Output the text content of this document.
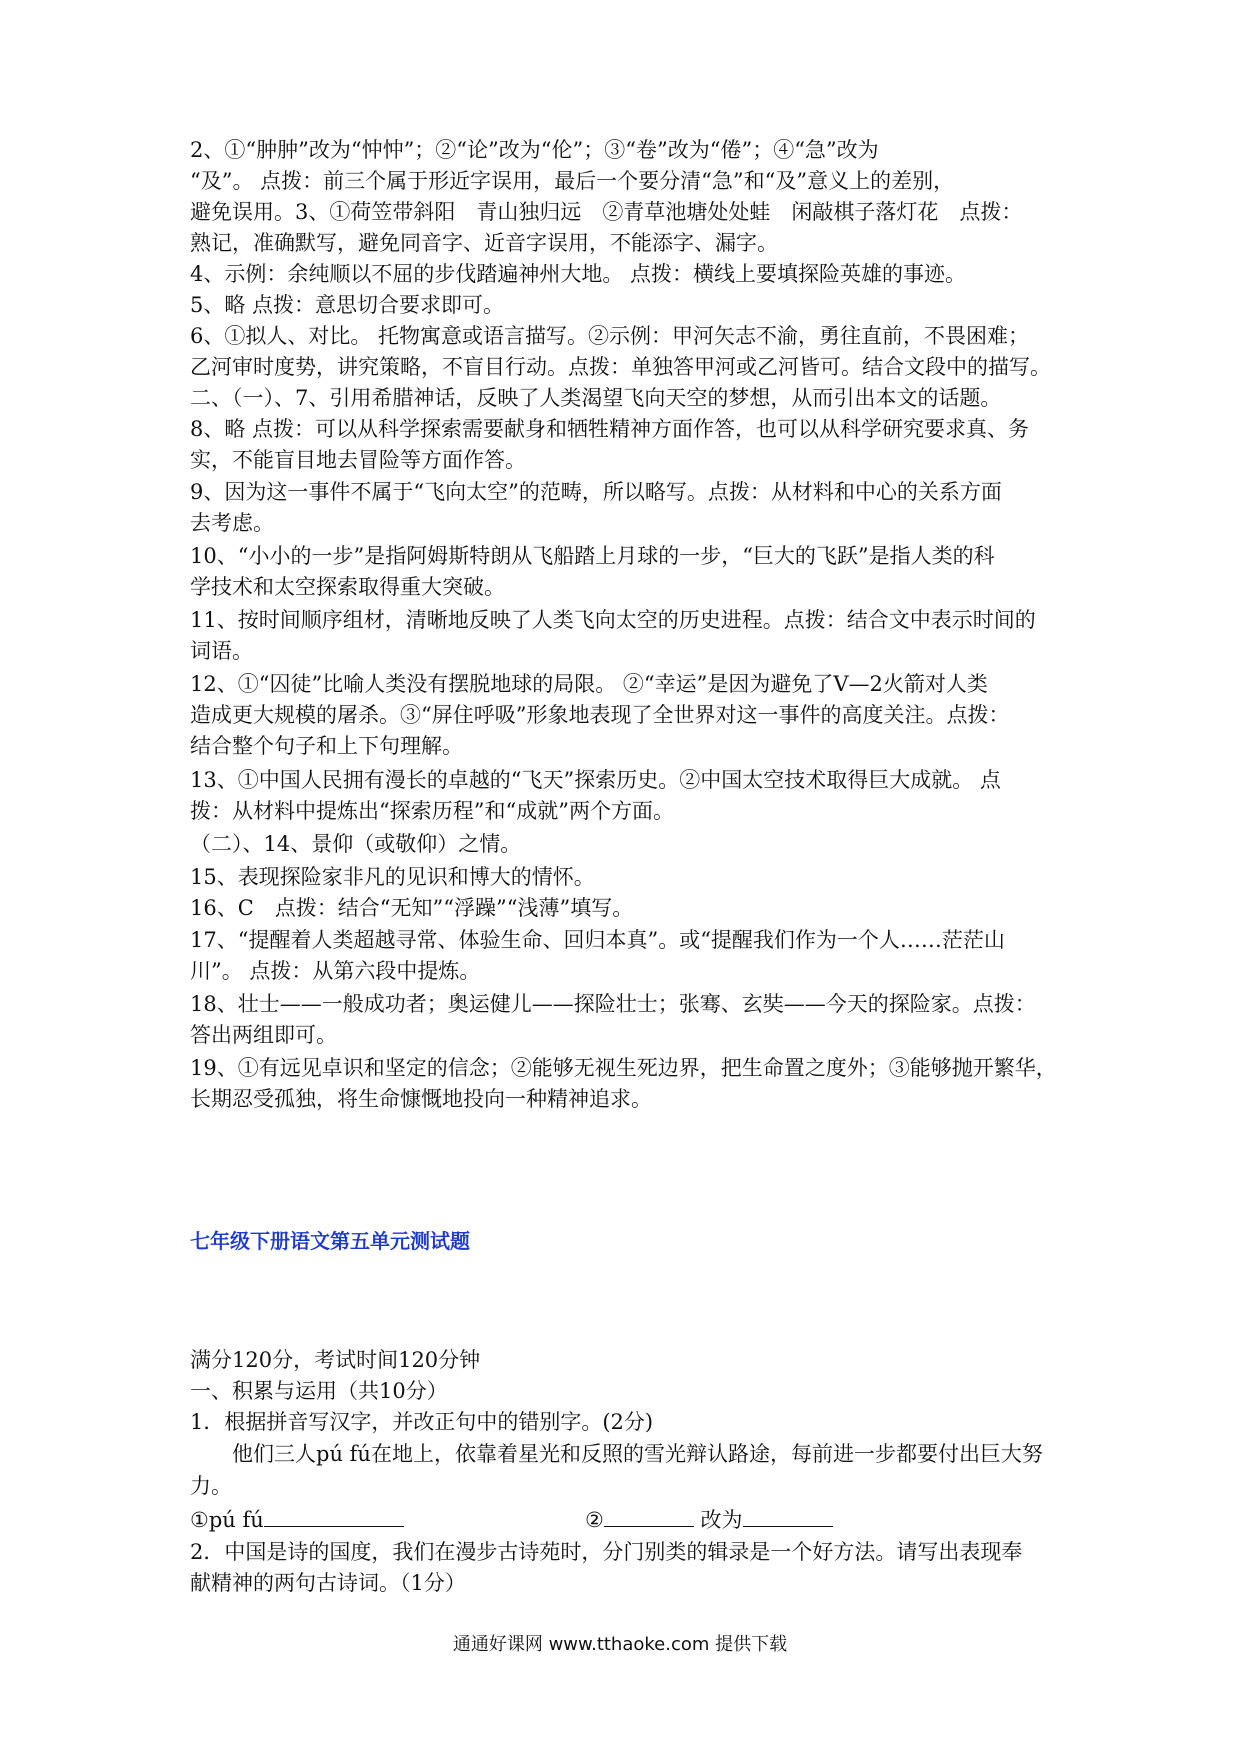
2、①“肿肿”改为“忡忡”；②“论”改为“伦”；③“卷”改为“倦”；④“急”改为
“及”。 点拨：前三个属于形近字误用，最后一个要分清“急”和“及”意义上的差别，
避免误用。3、①荷笠带斜阳　青山独归远　②青草池塘处处蛙　闲敲棋子落灯花　点拨：
熟记，准确默写，避免同音字、近音字误用，不能添字、漏字。
4、示例：余纯顺以不屈的步伐踏遍神州大地。 点拨：横线上要填探险英雄的事迹。
5、略 点拨：意思切合要求即可。
6、①拟人、对比。 托物寓意或语言描写。②示例：甲河矢志不渝，勇往直前，不畏困难；
乙河审时度势，讲究策略，不盲目行动。点拨：单独答甲河或乙河皆可。结合文段中的描写。
二、（一）、7、引用希腊神话，反映了人类渴望飞向天空的梦想，从而引出本文的话题。
8、略 点拨：可以从科学探索需要献身和牺牲精神方面作答，也可以从科学研究要求真、务
实，不能盲目地去冒险等方面作答。
9、因为这一事件不属于“飞向太空”的范畴，所以略写。点拨：从材料和中心的关系方面
去考虑。
10、“小小的一步”是指阿姆斯特朗从飞船踏上月球的一步，“巨大的飞跃”是指人类的科
学技术和太空探索取得重大突破。
11、按时间顺序组材，清晰地反映了人类飞向太空的历史进程。点拨：结合文中表示时间的
词语。
12、①“囚徒”比喻人类没有摆脱地球的局限。 ②“幸运”是因为避免了V—2火箭对人类
造成更大规模的屠杀。③“屏住呼吸”形象地表现了全世界对这一事件的高度关注。点拨：
结合整个句子和上下句理解。
13、①中国人民拥有漫长的卓越的“飞天”探索历史。②中国太空技术取得巨大成就。 点
拨：从材料中提炼出“探索历程”和“成就”两个方面。
（二）、14、景仰（或敬仰）之情。
15、表现探险家非凡的见识和博大的情怀。
16、C　点拨：结合“无知”“浮躁”“浅薄”填写。
17、“提醒着人类超越寻常、体验生命、回归本真”。或“提醒我们作为一个人……茫茫山
川”。 点拨：从第六段中提炼。
18、壮士——一般成功者；奥运健儿——探险壮士；张骞、玄奘——今天的探险家。点拨：
答出两组即可。
19、①有远见卓识和坚定的信念；②能够无视生死边界，把生命置之度外；③能够抛开繁华，
长期忍受孤独，将生命慷慨地投向一种精神追求。
七年级下册语文第五单元测试题
满分120分，考试时间120分钟
一、积累与运用（共10分）
1．根据拼音写汉字，并改正句中的错别字。(2分)
他们三人pú fú在地上，依靠着星光和反照的雪光辩认路途，每前进一步都要付出巨大努
力。
①pú fú	②	改为
2．中国是诗的国度，我们在漫步古诗苑时，分门别类的辑录是一个好方法。请写出表现奉
献精神的两句古诗词。（1分）
通通好课网 www.tthaoke.com 提供下载
